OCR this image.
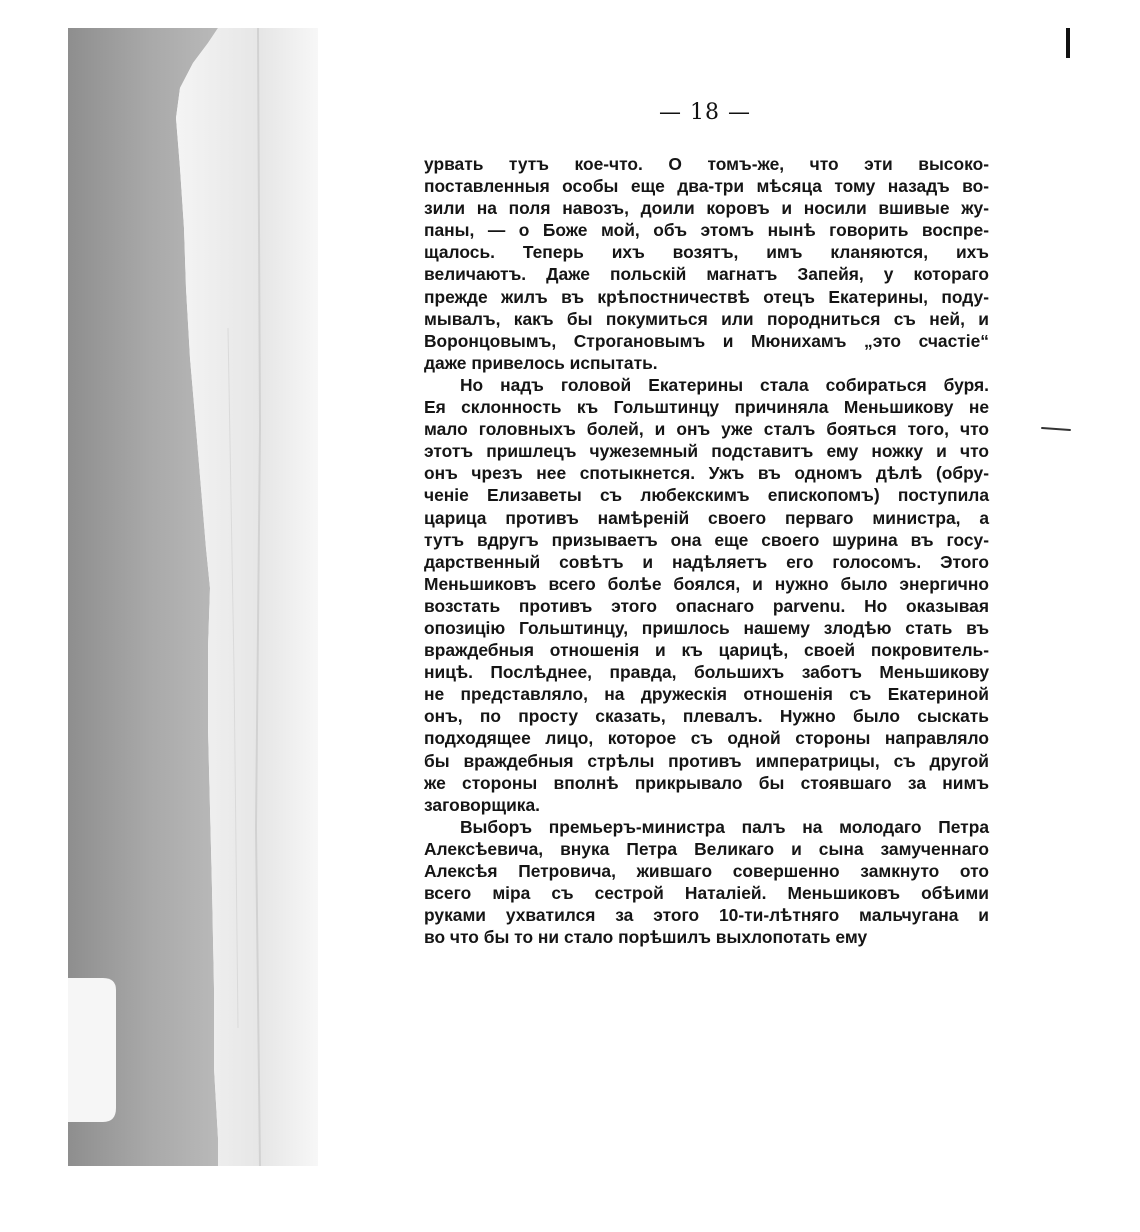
— 18 —
урвать тутъ кое-что. О томъ-же, что эти высоко-
поставленныя особы еще два-три мѣсяца тому назадъ во-
зили на поля навозъ, доили коровъ и носили вшивые жу-
паны, — о Боже мой, объ этомъ нынѣ говорить воспре-
щалось. Теперь ихъ возятъ, имъ кланяются, ихъ
величаютъ. Даже польскій магнатъ Запейя, у котораго
прежде жилъ въ крѣпостничествѣ отецъ Екатерины, поду-
мывалъ, какъ бы покумиться или породниться съ ней, и
Воронцовымъ, Строгановымъ и Мюнихамъ „это счастіе“
даже привелось испытать.
Но надъ головой Екатерины стала собираться буря.
Ея склонность къ Гольштинцу причиняла Меньшикову не
мало головныхъ болей, и онъ уже сталъ бояться того, что
этотъ пришлецъ чужеземный подставитъ ему ножку и что
онъ чрезъ нее спотыкнется. Ужъ въ одномъ дѣлѣ (обру-
ченіе Елизаветы съ любекскимъ епископомъ) поступила
царица противъ намѣреній своего перваго министра, а
тутъ вдругъ призываетъ она еще своего шурина въ госу-
дарственный совѣтъ и надѣляетъ его голосомъ. Этого
Меньшиковъ всего болѣе боялся, и нужно было энергично
возстать противъ этого опаснаго parvenu. Но оказывая
опозицію Гольштинцу, пришлось нашему злодѣю стать въ
враждебныя отношенія и къ царицѣ, своей покровитель-
ницѣ. Послѣднее, правда, большихъ заботъ Меньшикову
не представляло, на дружескія отношенія съ Екатериной
онъ, по просту сказать, плевалъ. Нужно было сыскать
подходящее лицо, которое съ одной стороны направляло
бы враждебныя стрѣлы противъ императрицы, съ другой
же стороны вполнѣ прикрывало бы стоявшаго за нимъ
заговорщика.
Выборъ премьеръ-министра палъ на молодаго Петра
Алексѣевича, внука Петра Великаго и сына замученнаго
Алексѣя Петровича, жившаго совершенно замкнуто ото
всего міра съ сестрой Наталіей. Меньшиковъ обѣими
руками ухватился за этого 10-ти-лѣтняго мальчугана и
во что бы то ни стало порѣшилъ выхлопотать ему
